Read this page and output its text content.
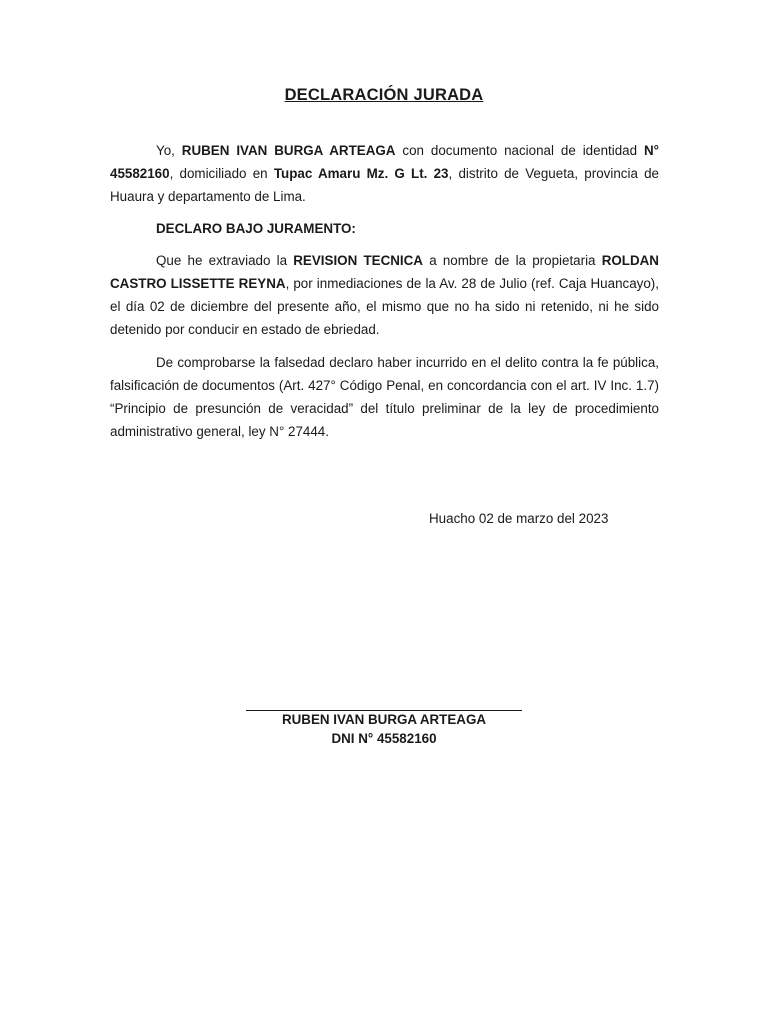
DECLARACIÓN JURADA

Yo, RUBEN IVAN BURGA ARTEAGA con documento nacional de identidad N° 45582160, domiciliado en Tupac Amaru Mz. G Lt. 23, distrito de Vegueta, provincia de Huaura y departamento de Lima.

DECLARO BAJO JURAMENTO:

Que he extraviado la REVISION TECNICA a nombre de la propietaria ROLDAN CASTRO LISSETTE REYNA, por inmediaciones de la Av. 28 de Julio (ref. Caja Huancayo), el día 02 de diciembre del presente año, el mismo que no ha sido ni retenido, ni he sido detenido por conducir en estado de ebriedad.

De comprobarse la falsedad declaro haber incurrido en el delito contra la fe pública, falsificación de documentos (Art. 427° Código Penal, en concordancia con el art. IV Inc. 1.7) “Principio de presunción de veracidad” del título preliminar de la ley de procedimiento administrativo general, ley N° 27444.

Huacho 02 de marzo del 2023
RUBEN IVAN BURGA ARTEAGA
DNI N° 45582160
